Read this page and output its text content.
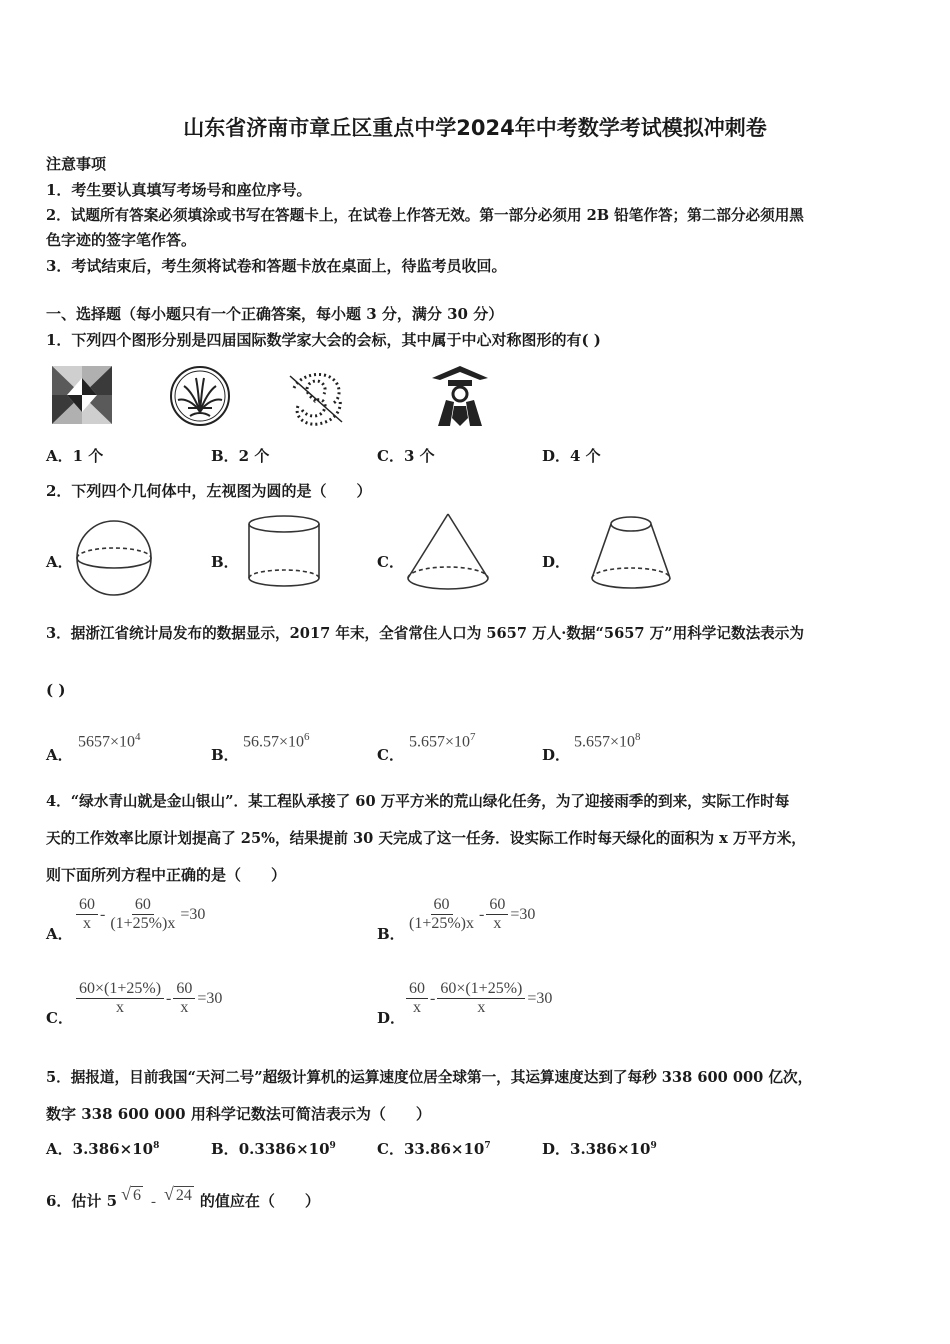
山东省济南市章丘区重点中学2024年中考数学考试模拟冲刺卷
注意事项
1．考生要认真填写考场号和座位序号。
2．试题所有答案必须填涂或书写在答题卡上，在试卷上作答无效。第一部分必须用 2B 铅笔作答；第二部分必须用黑
色字迹的签字笔作答。
3．考试结束后，考生须将试卷和答题卡放在桌面上，待监考员收回。
一、选择题（每小题只有一个正确答案，每小题 3 分，满分 30 分）
1．下列四个图形分别是四届国际数学家大会的会标，其中属于中心对称图形的有( )
A．1 个	B．2 个	C．3 个	D．4 个
2．下列四个几何体中，左视图为圆的是（　　）
A．	B．	C．	D．
3．据浙江省统计局发布的数据显示，2017 年末，全省常住人口为 5657 万人·数据“5657 万”用科学记数法表示为
( )
A．
$5657\times 10^4$
B．
$56.57\times 10^6$
C．
$5.657\times 10^7$
D．
$5.657\times 10^8$
4．“绿水青山就是金山银山”．某工程队承接了 60 万平方米的荒山绿化任务，为了迎接雨季的到来，实际工作时每
天的工作效率比原计划提高了 25%，结果提前 30 天完成了这一任务．设实际工作时每天绿化的面积为 x 万平方米，
则下面所列方程中正确的是（　　）
A．
$\frac{60}{x} - \frac{60}{(1+25\%)x} =30$
B．
$\frac{60}{(1+25\%)x} - \frac{60}{x} =30$
C．
$\frac{60\times(1+25\%)}{x} - \frac{60}{x} =30$
D．
$\frac{60}{x} - \frac{60\times(1+25\%)}{x} =30$
5．据报道，目前我国“天河二号”超级计算机的运算速度位居全球第一，其运算速度达到了每秒 338 600 000 亿次，
数字 338 600 000 用科学记数法可简洁表示为（　　）
A．$3.386\times 10^8$	B．$0.3386\times 10^9$	C．$33.86\times 10^7$	D．$3.386\times 10^9$
6．估计 5 √ 6 - √ 24 的值应在（　　）
